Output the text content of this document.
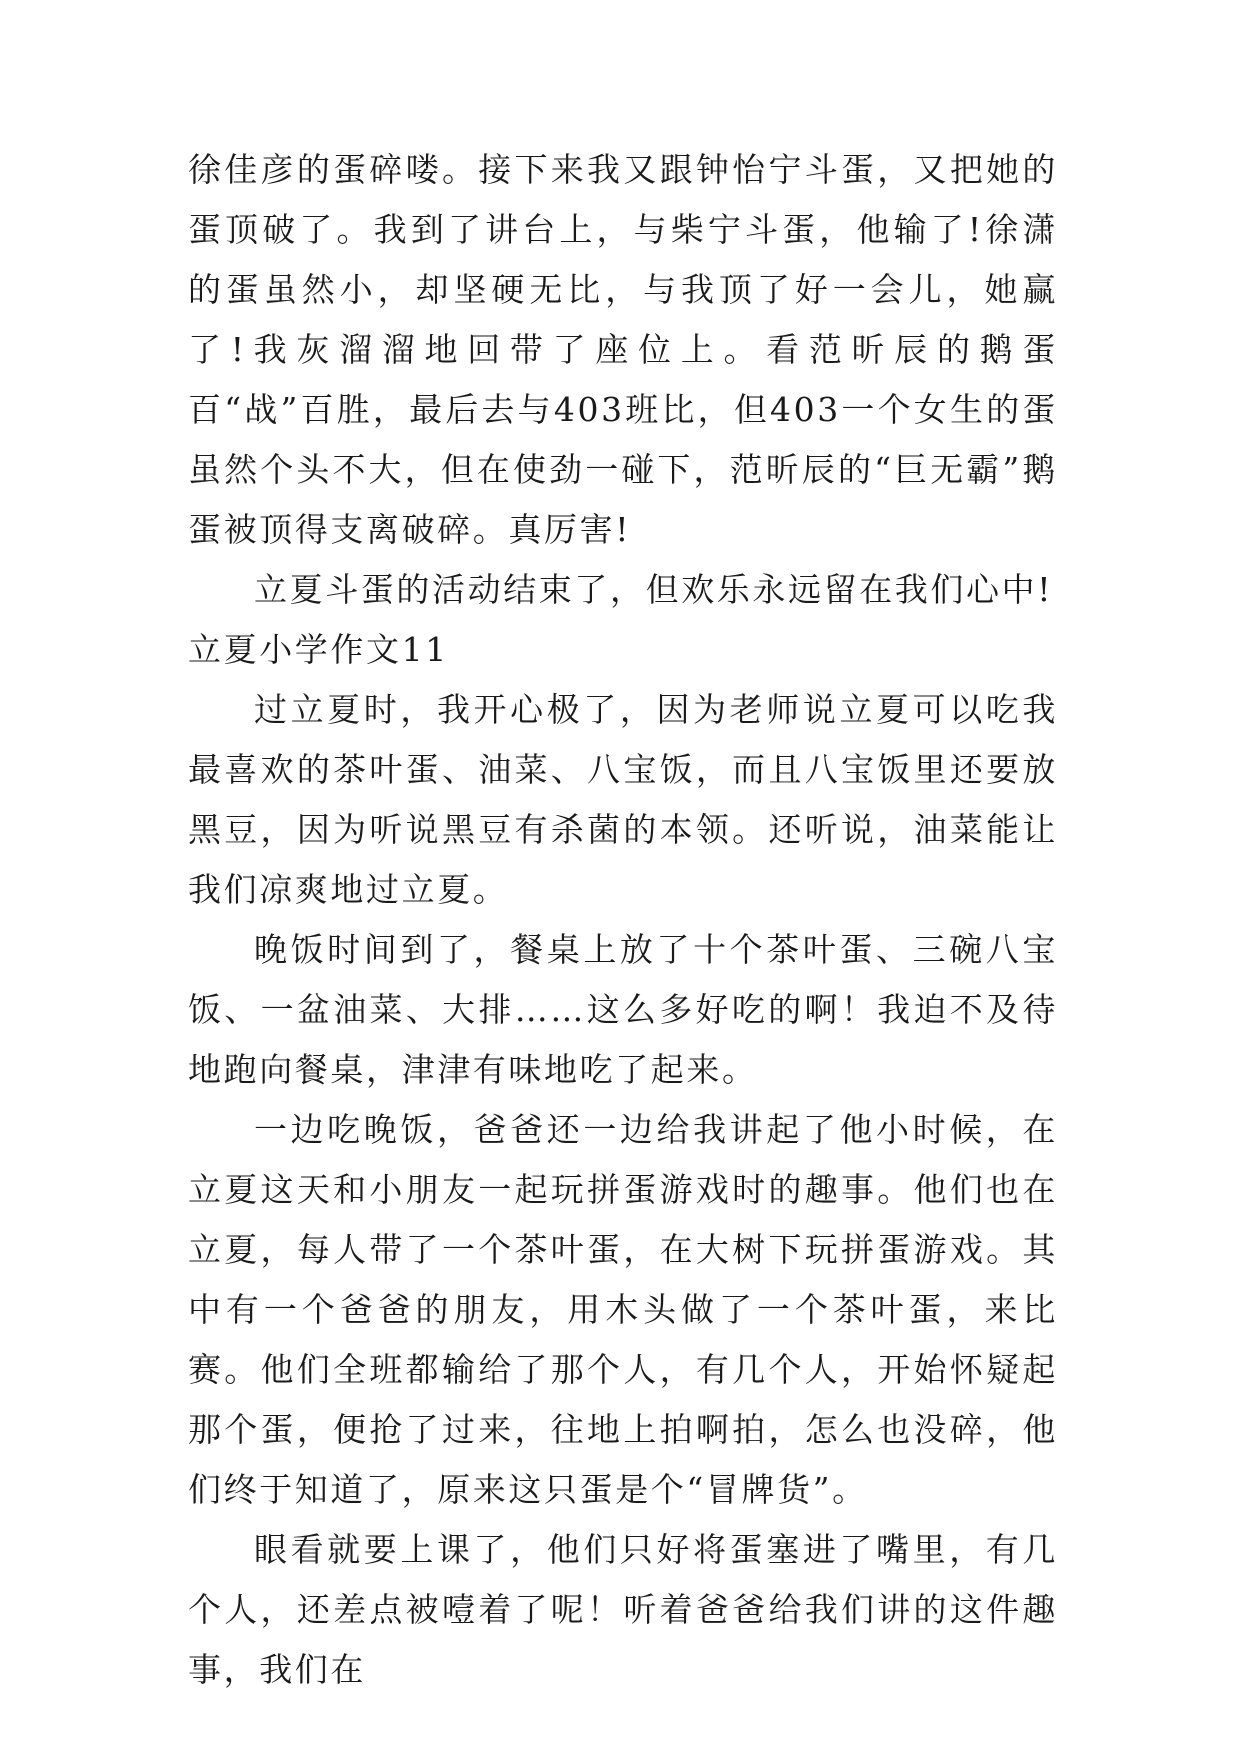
徐佳彦的蛋碎喽。接下来我又跟钟怡宁斗蛋，又把她的蛋顶破了。我到了讲台上，与柴宁斗蛋，他输了!徐潇的蛋虽然小，却坚硬无比，与我顶了好一会儿，她赢了!我灰溜溜地回带了座位上。看范昕辰的鹅蛋百“战”百胜，最后去与403班比，但403一个女生的蛋虽然个头不大，但在使劲一碰下，范昕辰的“巨无霸”鹅蛋被顶得支离破碎。真厉害!

立夏斗蛋的活动结束了，但欢乐永远留在我们心中!

立夏小学作文11

过立夏时，我开心极了，因为老师说立夏可以吃我最喜欢的茶叶蛋、油菜、八宝饭，而且八宝饭里还要放黑豆，因为听说黑豆有杀菌的本领。还听说，油菜能让我们凉爽地过立夏。

晚饭时间到了，餐桌上放了十个茶叶蛋、三碗八宝饭、一盆油菜、大排……这么多好吃的啊！我迫不及待地跑向餐桌，津津有味地吃了起来。

一边吃晚饭，爸爸还一边给我讲起了他小时候，在立夏这天和小朋友一起玩拼蛋游戏时的趣事。他们也在立夏，每人带了一个茶叶蛋，在大树下玩拼蛋游戏。其中有一个爸爸的朋友，用木头做了一个茶叶蛋，来比赛。他们全班都输给了那个人，有几个人，开始怀疑起那个蛋，便抢了过来，往地上拍啊拍，怎么也没碎，他们终于知道了，原来这只蛋是个“冒牌货”。

眼看就要上课了，他们只好将蛋塞进了嘴里，有几个人，还差点被噎着了呢！听着爸爸给我们讲的这件趣事，我们在
